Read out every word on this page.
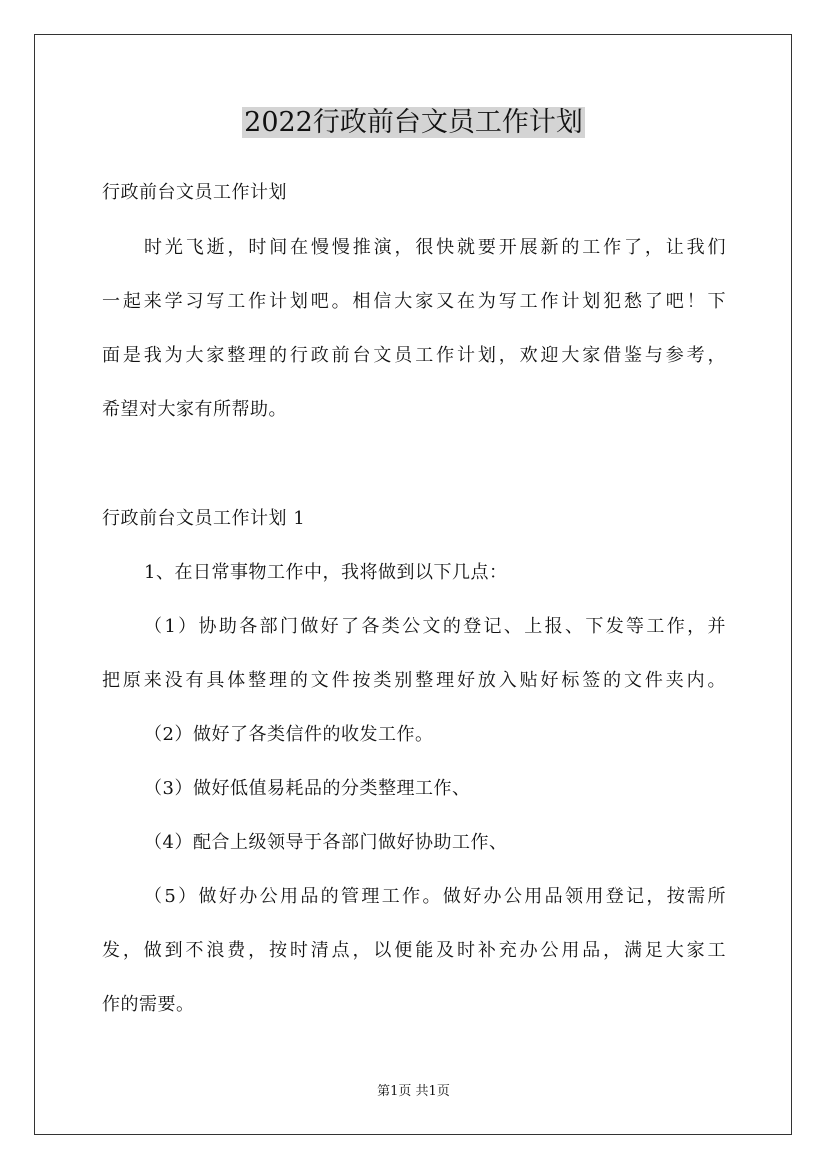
2022行政前台文员工作计划
行政前台文员工作计划
时光飞逝，时间在慢慢推演，很快就要开展新的工作了，让我们
一起来学习写工作计划吧。相信大家又在为写工作计划犯愁了吧！下
面是我为大家整理的行政前台文员工作计划，欢迎大家借鉴与参考，
希望对大家有所帮助。
行政前台文员工作计划 1
1、在日常事物工作中，我将做到以下几点：
（1）协助各部门做好了各类公文的登记、上报、下发等工作，并
把原来没有具体整理的文件按类别整理好放入贴好标签的文件夹内。
（2）做好了各类信件的收发工作。
（3）做好低值易耗品的分类整理工作、
（4）配合上级领导于各部门做好协助工作、
（5）做好办公用品的管理工作。做好办公用品领用登记，按需所
发，做到不浪费，按时清点，以便能及时补充办公用品，满足大家工
作的需要。
第1页 共1页
